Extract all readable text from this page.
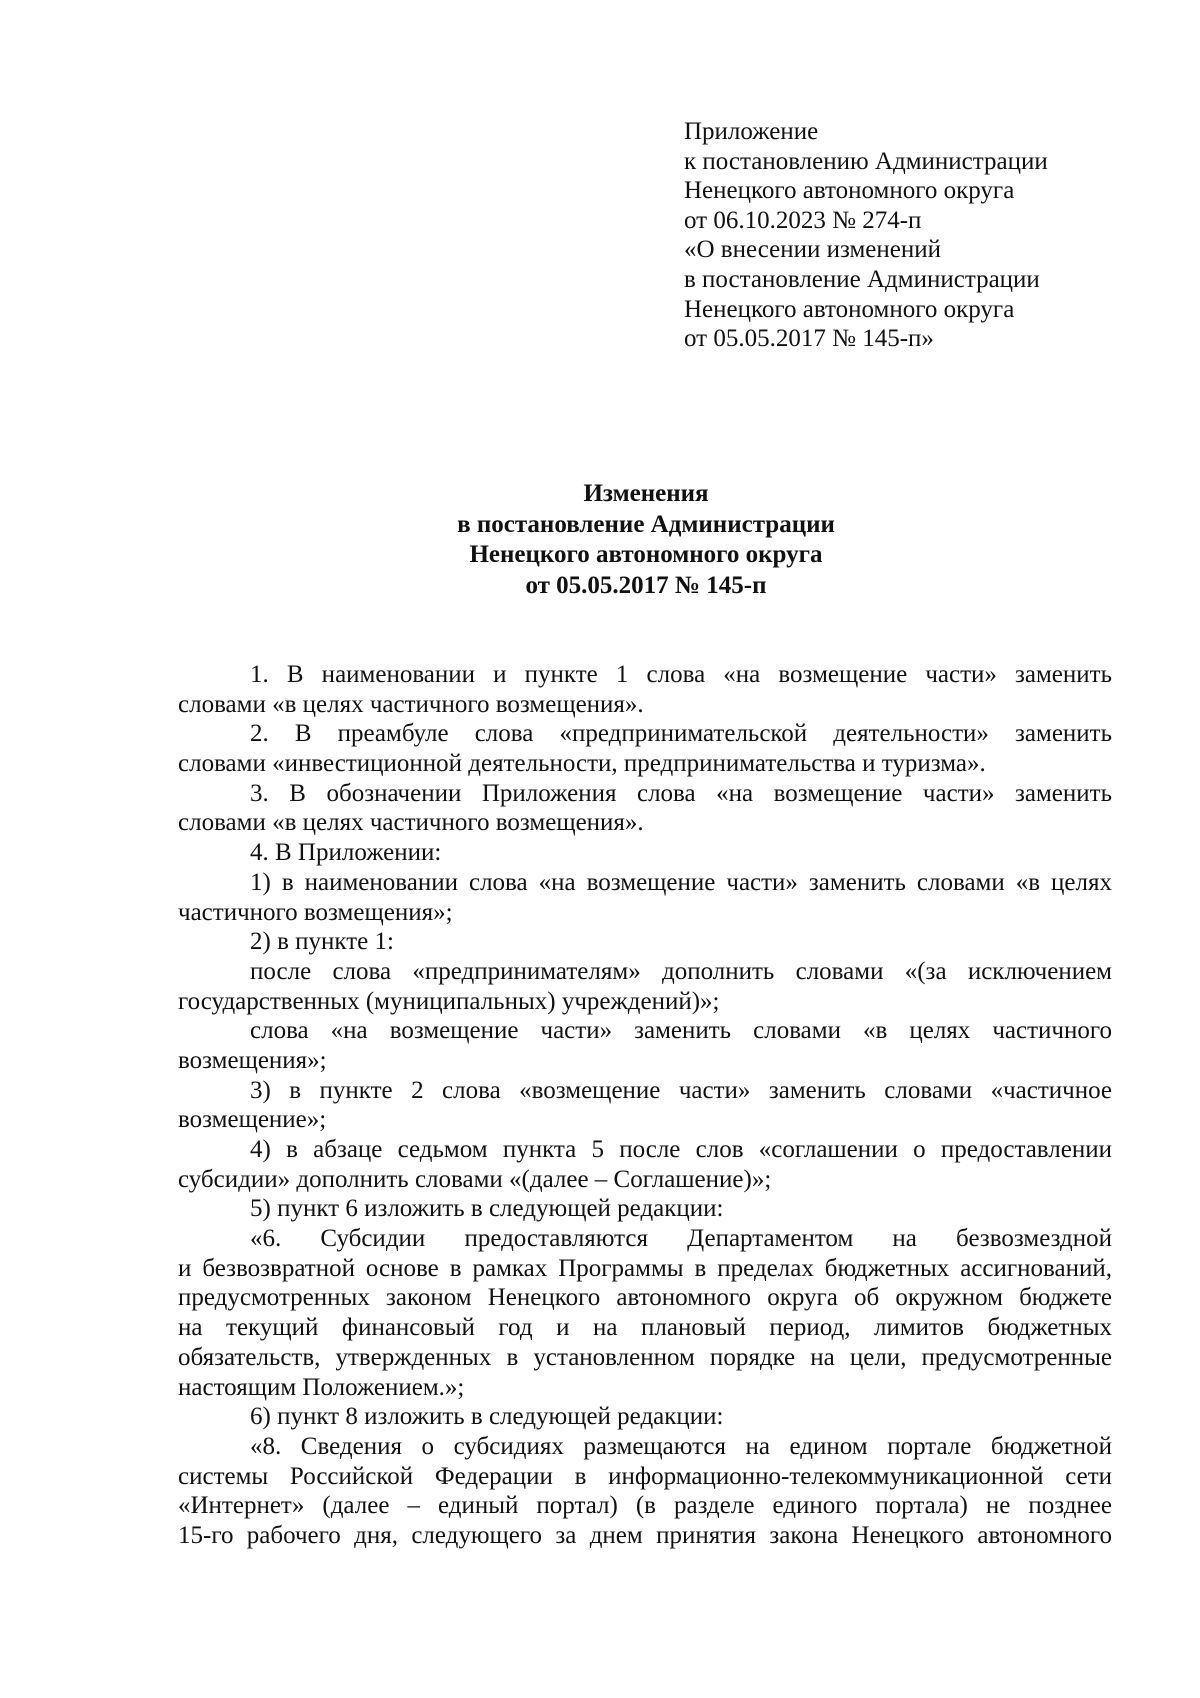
Приложение
к постановлению Администрации
Ненецкого автономного округа
от 06.10.2023 № 274-п
«О внесении изменений
в постановление Администрации
Ненецкого автономного округа
от 05.05.2017 № 145-п»
Изменения
в постановление Администрации
Ненецкого автономного округа
от 05.05.2017 № 145-п
1. В наименовании и пункте 1 слова «на возмещение части» заменить
словами «в целях частичного возмещения».
2. В преамбуле слова «предпринимательской деятельности» заменить
словами «инвестиционной деятельности, предпринимательства и туризма».
3. В обозначении Приложения слова «на возмещение части» заменить
словами «в целях частичного возмещения».
4. В Приложении:
1) в наименовании слова «на возмещение части» заменить словами «в целях
частичного возмещения»;
2) в пункте 1:
после слова «предпринимателям» дополнить словами «(за исключением
государственных (муниципальных) учреждений)»;
слова «на возмещение части» заменить словами «в целях частичного
возмещения»;
3) в пункте 2 слова «возмещение части» заменить словами «частичное
возмещение»;
4) в абзаце седьмом пункта 5 после слов «соглашении о предоставлении
субсидии» дополнить словами «(далее – Соглашение)»;
5) пункт 6 изложить в следующей редакции:
«6. Субсидии предоставляются Департаментом на безвозмездной
и безвозвратной основе в рамках Программы в пределах бюджетных ассигнований,
предусмотренных законом Ненецкого автономного округа об окружном бюджете
на текущий финансовый год и на плановый период, лимитов бюджетных
обязательств, утвержденных в установленном порядке на цели, предусмотренные
настоящим Положением.»;
6) пункт 8 изложить в следующей редакции:
«8. Сведения о субсидиях размещаются на едином портале бюджетной
системы Российской Федерации в информационно-телекоммуникационной сети
«Интернет» (далее – единый портал) (в разделе единого портала) не позднее
15-го рабочего дня, следующего за днем принятия закона Ненецкого автономного
